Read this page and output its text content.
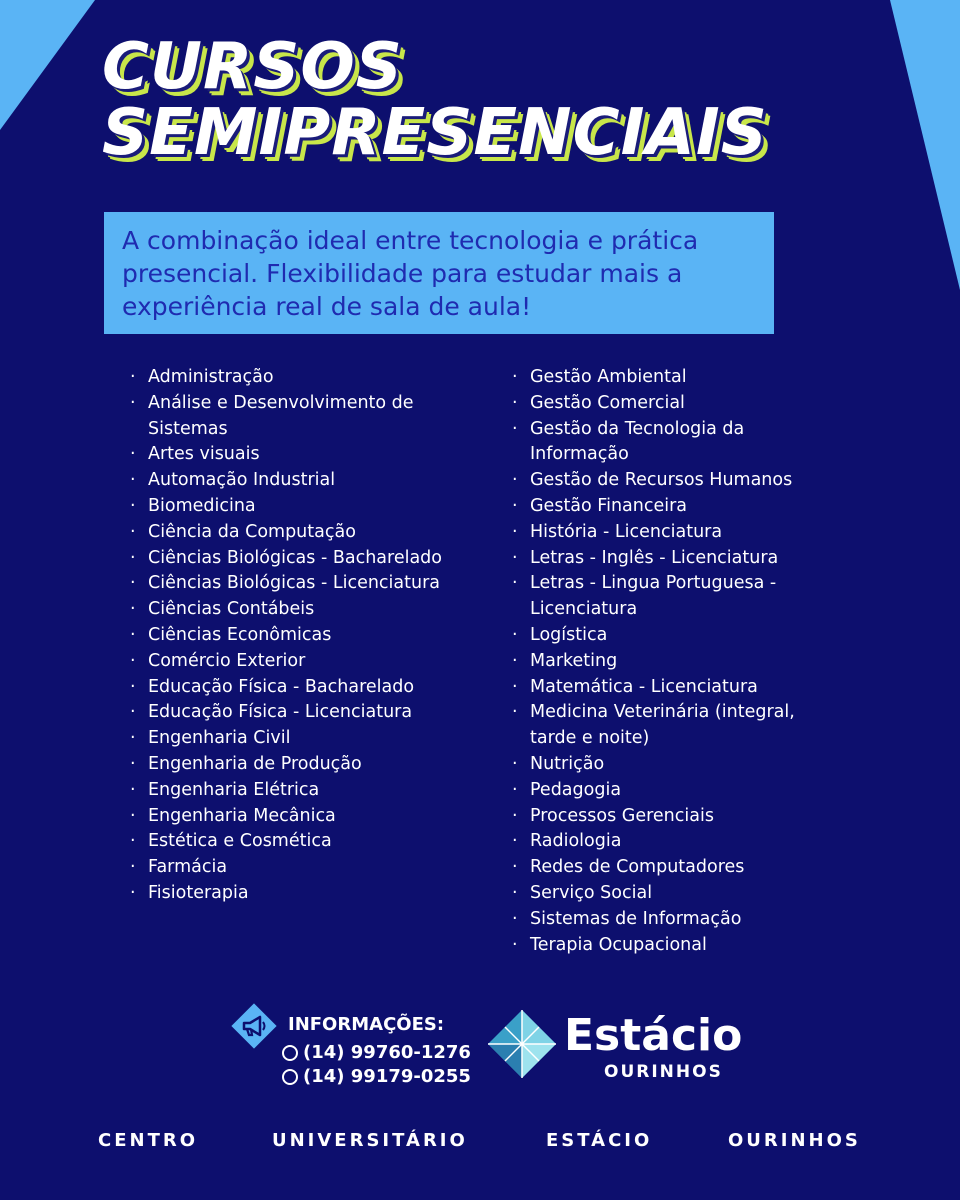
CURSOS
SEMIPRESENCIAIS

A combinação ideal entre tecnologia e prática presencial. Flexibilidade para estudar mais a experiência real de sala de aula!

· Administração
· Análise e Desenvolvimento de Sistemas
· Artes visuais
· Automação Industrial
· Biomedicina
· Ciência da Computação
· Ciências Biológicas - Bacharelado
· Ciências Biológicas - Licenciatura
· Ciências Contábeis
· Ciências Econômicas
· Comércio Exterior
· Educação Física - Bacharelado
· Educação Física - Licenciatura
· Engenharia Civil
· Engenharia de Produção
· Engenharia Elétrica
· Engenharia Mecânica
· Estética e Cosmética
· Farmácia
· Fisioterapia
· Gestão Ambiental
· Gestão Comercial
· Gestão da Tecnologia da Informação
· Gestão de Recursos Humanos
· Gestão Financeira
· História - Licenciatura
· Letras - Inglês - Licenciatura
· Letras - Lingua Portuguesa - Licenciatura
· Logística
· Marketing
· Matemática - Licenciatura
· Medicina Veterinária (integral, tarde e noite)
· Nutrição
· Pedagogia
· Processos Gerenciais
· Radiologia
· Redes de Computadores
· Serviço Social
· Sistemas de Informação
· Terapia Ocupacional
INFORMAÇÕES:
(14) 99760-1276
(14) 99179-0255
Estácio
OURINHOS
CENTRO	UNIVERSITÁRIO	ESTÁCIO	OURINHOS
